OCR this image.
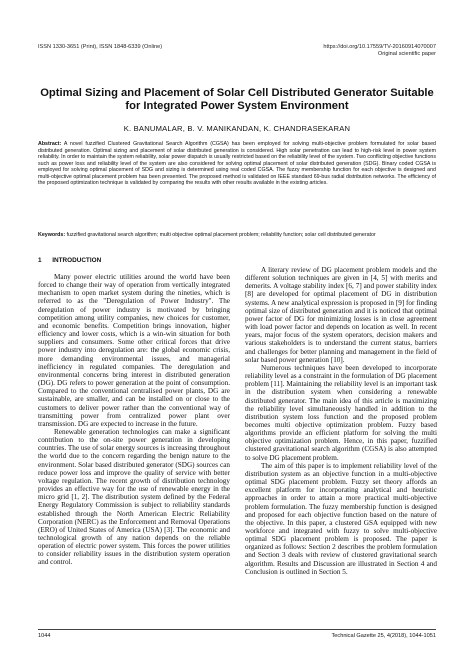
ISSN 1330-3651 (Print), ISSN 1848-6339 (Online)	https://doi.org/10.17559/TV-20160914070007
Original scientific paper
Optimal Sizing and Placement of Solar Cell Distributed Generator Suitable for Integrated Power System Environment
K. BANUMALAR, B. V. MANIKANDAN, K. CHANDRASEKARAN
Abstract: A novel fuzzified Clustered Gravitational Search Algorithm (CGSA) has been employed for solving multi-objective problem formulated for solar based distributed generation. Optimal sizing and placement of solar distributed generation is considered. High solar penetration can lead to high-risk level in power system reliability. In order to maintain the system reliability, solar power dispatch is usually restricted based on the reliability level of the system. Two conflicting objective functions such as power loss and reliability level of the system are also considered for solving optimal placement of solar distributed generation (SDG). Binary coded CGSA is employed for solving optimal placement of SDG and sizing is determined using real coded CGSA. The fuzzy membership function for each objective is designed and multi-objective optimal placement problem has been presented. The proposed method is validated on IEEE standard 69-bus radial distribution networks. The efficiency of the proposed optimization technique is validated by comparing the results with other results available in the existing articles.
Keywords: fuzzified gravitational search algorithm; multi objective optimal placement problem; reliability function; solar cell distributed generator
1      INTRODUCTION

Many power electric utilities around the world have been forced to change their way of operation from vertically integrated mechanism to open market system during the nineties, which is referred to as the "Deregulation of Power Industry". The deregulation of power industry is motivated by bringing competition among utility companies, new choices for customer, and economic benefits. Competition brings innovation, higher efficiency and lower costs, which is a win-win situation for both suppliers and consumers. Some other critical forces that drive power industry into deregulation are: the global economic crisis, more demanding environmental issues, and managerial inefficiency in regulated companies. The deregulation and environmental concerns bring interest in distributed generation (DG). DG refers to power generation at the point of consumption. Compared to the conventional centralised power plants, DG are sustainable, are smaller, and can be installed on or close to the customers to deliver power rather than the conventional way of transmitting power from centralized power plant over transmission. DG are expected to increase in the future.

Renewable generation technologies can make a significant contribution to the on-site power generation in developing countries. The use of solar energy sources is increasing throughout the world due to the concern regarding the benign nature to the environment. Solar based distributed generator (SDG) sources can reduce power loss and improve the quality of service with better voltage regulation. The recent growth of distribution technology provides an effective way for the use of renewable energy in the micro grid [1, 2]. The distribution system defined by the Federal Energy Regulatory Commission is subject to reliability standards established through the North American Electric Reliability Corporation (NERC) as the Enforcement and Removal Operations (ERO) of United States of America (USA) [3]. The economic and technological growth of any nation depends on the reliable operation of electric power system. This forces the power utilities to consider reliability issues in the distribution system operation and control.

A literary review of DG placement problem models and the different solution techniques are given in [4, 5] with merits and demerits. A voltage stability index [6, 7] and power stability index [8] are developed for optimal placement of DG in distribution systems. A new analytical expression is proposed in [9] for finding optimal size of distributed generation and it is noticed that optimal power factor of DG for minimizing losses is in close agreement with load power factor and depends on location as well. In recent years, major focus of the system operators, decision makers and various stakeholders is to understand the current status, barriers and challenges for better planning and management in the field of solar based power generation [10].

Numerous techniques have been developed to incorporate reliability level as a constraint in the formulation of DG placement problem [11]. Maintaining the reliability level is an important task in the distribution system when considering a renewable distributed generator. The main idea of this article is maximizing the reliability level simultaneously handled in addition to the distribution system loss function and the proposed problem becomes multi objective optimization problem. Fuzzy based algorithms provide an efficient platform for solving the multi objective optimization problem. Hence, in this paper, fuzzified clustered gravitational search algorithm (CGSA) is also attempted to solve DG placement problem.

The aim of this paper is to implement reliability level of the distribution system as an objective function in a multi-objective optimal SDG placement problem. Fuzzy set theory affords an excellent platform for incorporating analytical and heuristic approaches in order to attain a more practical multi-objective problem formulation. The fuzzy membership function is designed and proposed for each objective function based on the nature of the objective. In this paper, a clustered GSA equipped with new workforce and integrated with fuzzy to solve multi-objective optimal SDG placement problem is proposed. The paper is organized as follows: Section 2 describes the problem formulation and Section 3 deals with review of clustered gravitational search algorithm. Results and Discussion are illustrated in Section 4 and Conclusion is outlined in Section 5.

1044	Technical Gazette 25, 4(2018), 1044-1051
